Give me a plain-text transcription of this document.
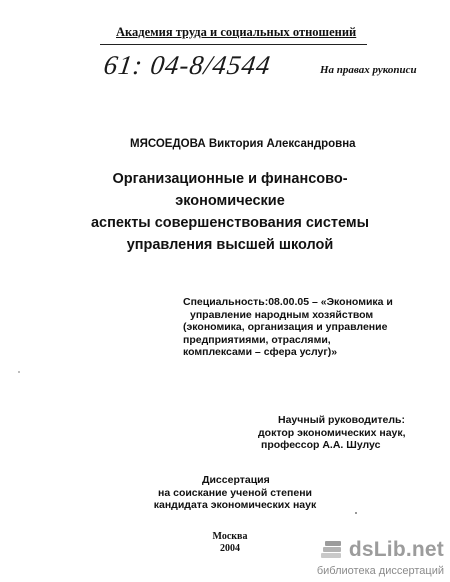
Академия труда и социальных отношений
61: 04-8/4544	На правах рукописи
МЯСОЕДОВА Виктория Александровна
Организационные и финансово-
экономические
аспекты совершенствования системы
управления высшей школой
Специальность:08.00.05 – «Экономика и
управление народным хозяйством
(экономика, организация и управление
предприятиями, отраслями,
комплексами – сфера услуг)»
Научный руководитель:
доктор экономических наук,
профессор А.А. Шулус
Диссертация
на соискание ученой степени
кандидата экономических наук
Москва
2004	dsLib.net
библиотека диссертаций
